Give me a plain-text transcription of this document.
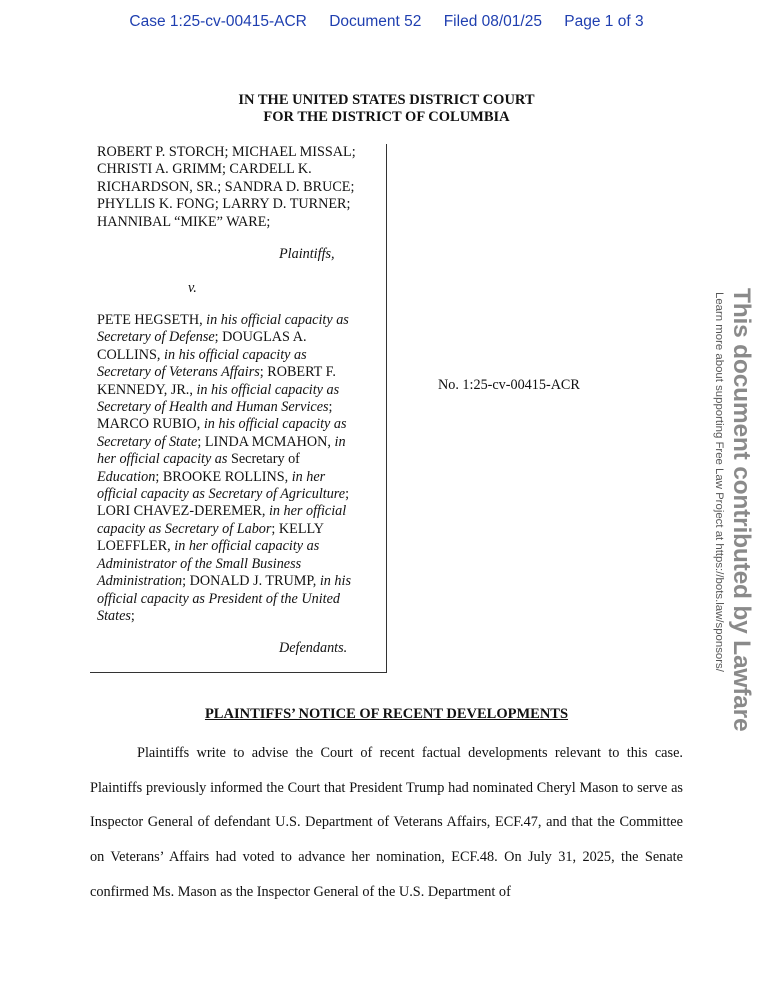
Case 1:25-cv-00415-ACR Document 52 Filed 08/01/25 Page 1 of 3
IN THE UNITED STATES DISTRICT COURT
FOR THE DISTRICT OF COLUMBIA
ROBERT P. STORCH; MICHAEL MISSAL;
CHRISTI A. GRIMM; CARDELL K.
RICHARDSON, SR.; SANDRA D. BRUCE;
PHYLLIS K. FONG; LARRY D. TURNER;
HANNIBAL “MIKE” WARE;
Plaintiffs,
v.
PETE HEGSETH, in his official capacity as
Secretary of Defense; DOUGLAS A.
COLLINS, in his official capacity as
Secretary of Veterans Affairs; ROBERT F.
KENNEDY, JR., in his official capacity as
Secretary of Health and Human Services;
MARCO RUBIO, in his official capacity as
Secretary of State; LINDA MCMAHON, in
her official capacity as Secretary of
Education; BROOKE ROLLINS, in her
official capacity as Secretary of Agriculture;
LORI CHAVEZ-DEREMER, in her official
capacity as Secretary of Labor; KELLY
LOEFFLER, in her official capacity as
Administrator of the Small Business
Administration; DONALD J. TRUMP, in his
official capacity as President of the United
States;
Defendants.
No. 1:25-cv-00415-ACR	This document contributed by Lawfare
Learn more about supporting Free Law Project at https://bots.law/sponsors/
PLAINTIFFS’ NOTICE OF RECENT DEVELOPMENTS

Plaintiffs write to advise the Court of recent factual developments relevant to this case. Plaintiffs previously informed the Court that President Trump had nominated Cheryl Mason to serve as Inspector General of defendant U.S. Department of Veterans Affairs, ECF.47, and that the Committee on Veterans’ Affairs had voted to advance her nomination, ECF.48. On July 31, 2025, the Senate confirmed Ms. Mason as the Inspector General of the U.S. Department of
